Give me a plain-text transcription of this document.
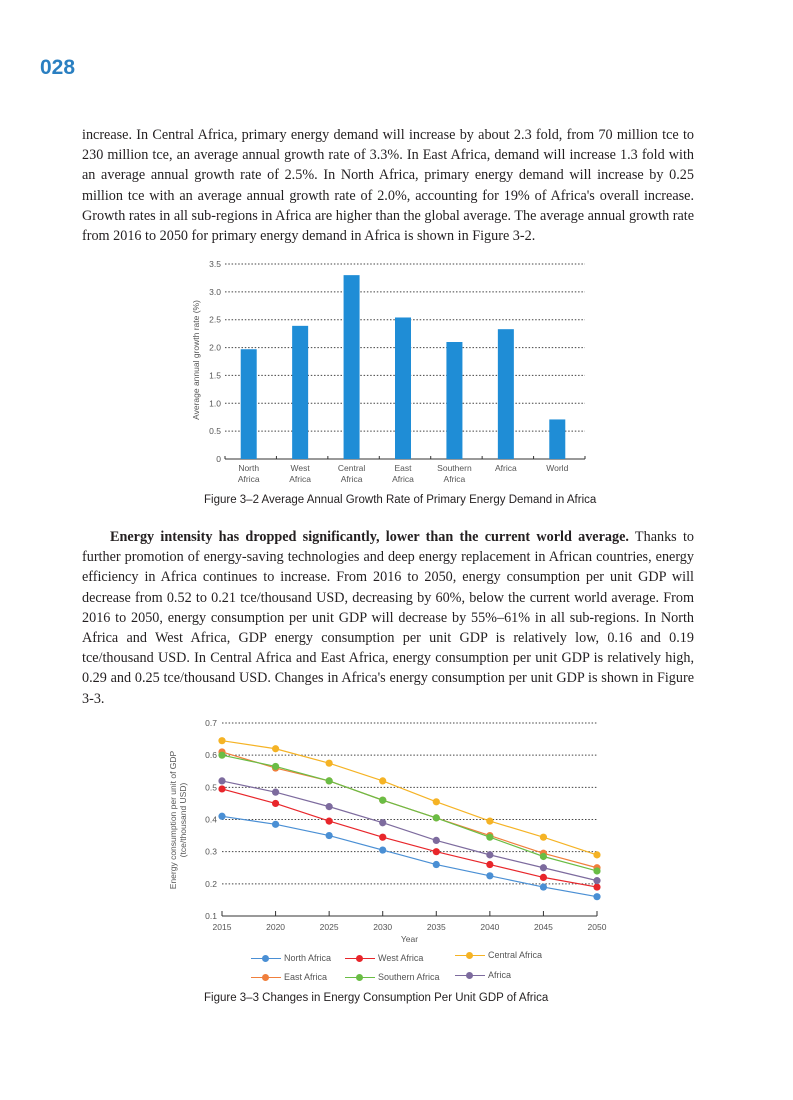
028

increase. In Central Africa, primary energy demand will increase by about 2.3 fold, from 70 million tce to 230 million tce, an average annual growth rate of 3.3%. In East Africa, demand will increase 1.3 fold with an average annual growth rate of 2.5%. In North Africa, primary energy demand will increase by 0.25 million tce with an average annual growth rate of 2.0%, accounting for 19% of Africa's overall increase. Growth rates in all sub-regions in Africa are higher than the global average. The average annual growth rate from 2016 to 2050 for primary energy demand in Africa is shown in Figure 3-2.

0
0.5
1.0
1.5
2.0
2.5
3.0
3.5
North
Africa
West
Africa
Central
Africa
East
Africa
Southern
Africa
Africa	World
Average annual growth rate (%)
Figure 3–2 Average Annual Growth Rate of Primary Energy Demand in Africa

Energy intensity has dropped significantly, lower than the current world average. Thanks to further promotion of energy-saving technologies and deep energy replacement in African countries, energy efficiency in Africa continues to increase. From 2016 to 2050, energy consumption per unit GDP will decrease from 0.52 to 0.21 tce/thousand USD, decreasing by 60%, below the current world average. From 2016 to 2050, energy consumption per unit GDP will decrease by 55%–61% in all sub-regions. In North Africa and West Africa, GDP energy consumption per unit GDP is relatively low, 0.16 and 0.19 tce/thousand USD. In Central Africa and East Africa, energy consumption per unit GDP is relatively high, 0.29 and 0.25 tce/thousand USD. Changes in Africa's energy consumption per unit GDP is shown in Figure 3-3.

0.1
0.2
0.3
0.4
0.5
0.6
0.7
2015	2020	2025	2030	2035	2040	2045	2050
Year
Energy consumption per unit of GDP (tce/thousand USD)
North Africa	West Africa	Central Africa
East Africa	Southern Africa	Africa
Figure 3–3 Changes in Energy Consumption Per Unit GDP of Africa
